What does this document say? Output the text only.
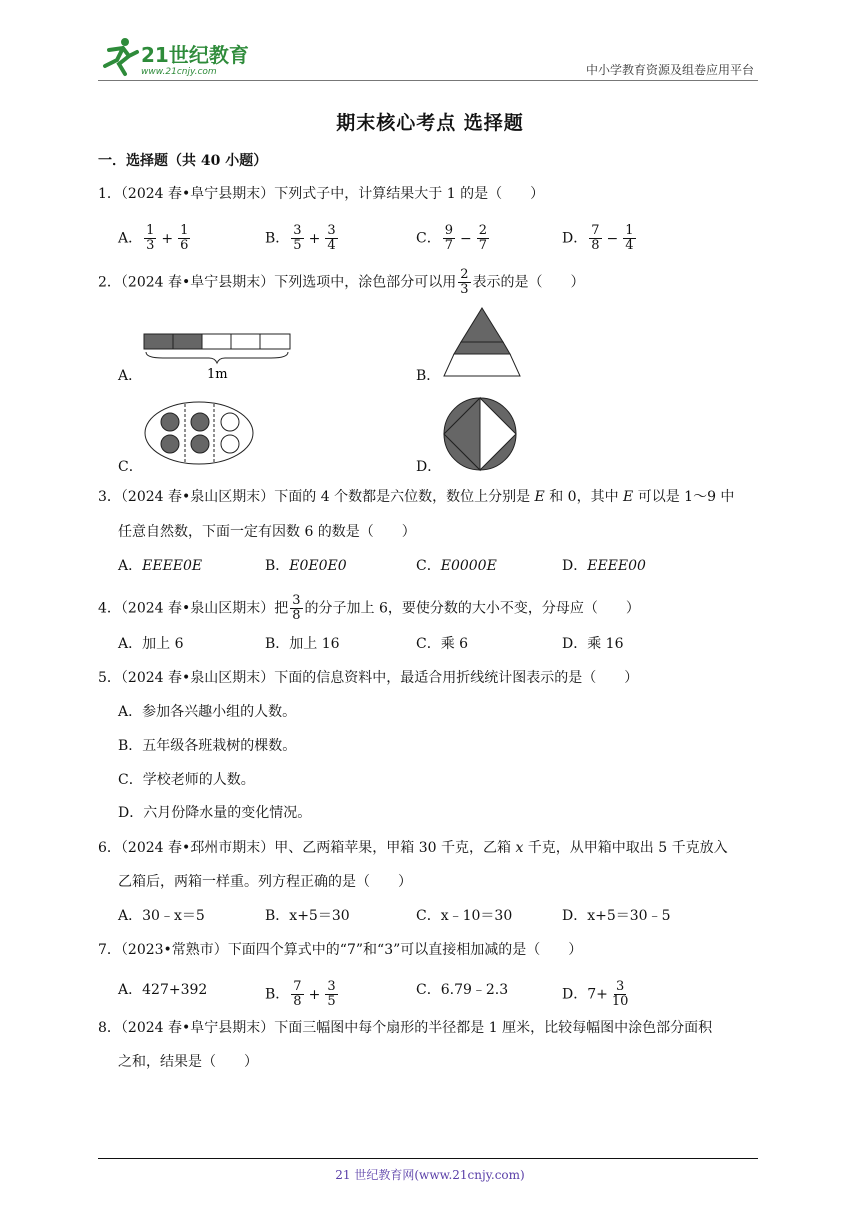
21世纪教育
www.21cnjy.com	中小学教育资源及组卷应用平台
期末核心考点 选择题
一．选择题（共 40 小题）
1．（2024 春•阜宁县期末）下列式子中，计算结果大于 1 的是（　　）
A． $\frac{1}{3} + \frac{1}{6}$	B． $\frac{3}{5} + \frac{3}{4}$	C． $\frac{9}{7} - \frac{2}{7}$	D． $\frac{7}{8} - \frac{1}{4}$
2．（2024 春•阜宁县期末）下列选项中，涂色部分可以用 $\frac{2}{3}$ 表示的是（　　）
A．	1m	B．
C．	D．
3．（2024 春•泉山区期末）下面的 4 个数都是六位数，数位上分别是 E 和 0，其中 E 可以是 1～9 中
任意自然数，下面一定有因数 6 的数是（　　）
A．EEEE0E	B．E0E0E0	C．E0000E	D．EEEE00
4．（2024 春•泉山区期末）把 $\frac{3}{8}$ 的分子加上 6，要使分数的大小不变，分母应（　　）
A．加上 6	B．加上 16	C．乘 6	D．乘 16
5．（2024 春•泉山区期末）下面的信息资料中，最适合用折线统计图表示的是（　　）
A．参加各兴趣小组的人数。
B．五年级各班栽树的棵数。
C．学校老师的人数。
D．六月份降水量的变化情况。
6．（2024 春•邳州市期末）甲、乙两箱苹果，甲箱 30 千克，乙箱 x 千克，从甲箱中取出 5 千克放入
乙箱后，两箱一样重。列方程正确的是（　　）
A．30﹣x＝5	B．x+5＝30	C．x﹣10＝30	D．x+5＝30﹣5
7．（2023•常熟市）下面四个算式中的“7”和“3”可以直接相加减的是（　　）
A．427+392	B． $\frac{7}{8} + \frac{3}{5}$	C．6.79﹣2.3	D．$7+ \frac{3}{10}$
8．（2024 春•阜宁县期末）下面三幅图中每个扇形的半径都是 1 厘米，比较每幅图中涂色部分面积
之和，结果是（　　）
21 世纪教育网(www.21cnjy.com)
